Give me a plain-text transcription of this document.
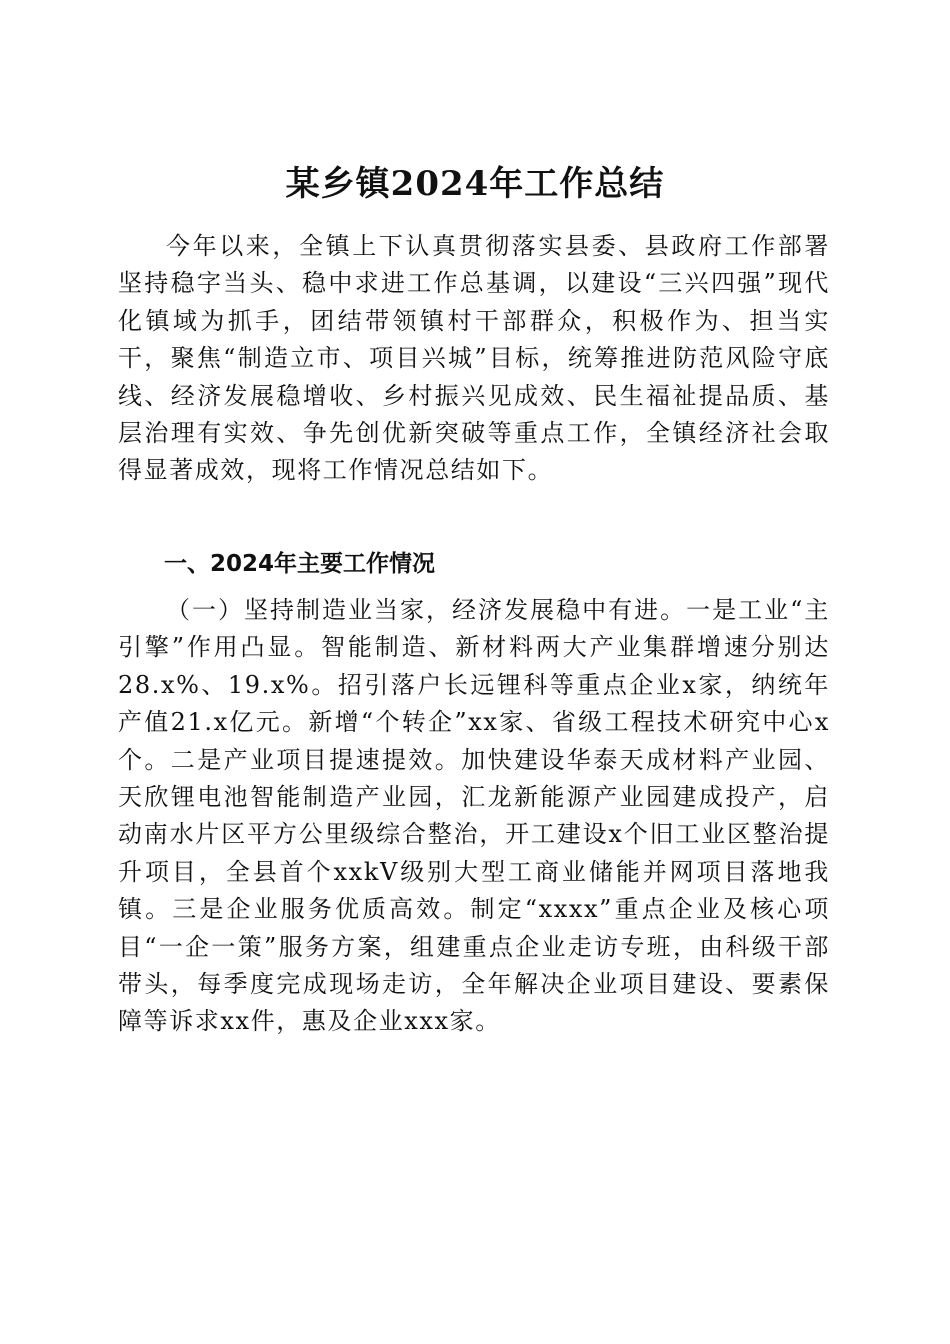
某乡镇2024年工作总结

今年以来，全镇上下认真贯彻落实县委、县政府工作部署坚持稳字当头、稳中求进工作总基调，以建设“三兴四强”现代化镇域为抓手，团结带领镇村干部群众，积极作为、担当实干，聚焦“制造立市、项目兴城”目标，统筹推进防范风险守底线、经济发展稳增收、乡村振兴见成效、民生福祉提品质、基层治理有实效、争先创优新突破等重点工作，全镇经济社会取得显著成效，现将工作情况总结如下。

一、2024年主要工作情况

（一）坚持制造业当家，经济发展稳中有进。一是工业“主引擎”作用凸显。智能制造、新材料两大产业集群增速分别达28.x%、19.x%。招引落户长远锂科等重点企业x家，纳统年产值21.x亿元。新增“个转企”xx家、省级工程技术研究中心x个。二是产业项目提速提效。加快建设华泰天成材料产业园、天欣锂电池智能制造产业园，汇龙新能源产业园建成投产，启动南水片区平方公里级综合整治，开工建设x个旧工业区整治提升项目，全县首个xxkV级别大型工商业储能并网项目落地我镇。三是企业服务优质高效。制定“xxxx”重点企业及核心项目“一企一策”服务方案，组建重点企业走访专班，由科级干部带头，每季度完成现场走访，全年解决企业项目建设、要素保障等诉求xx件，惠及企业xxx家。
